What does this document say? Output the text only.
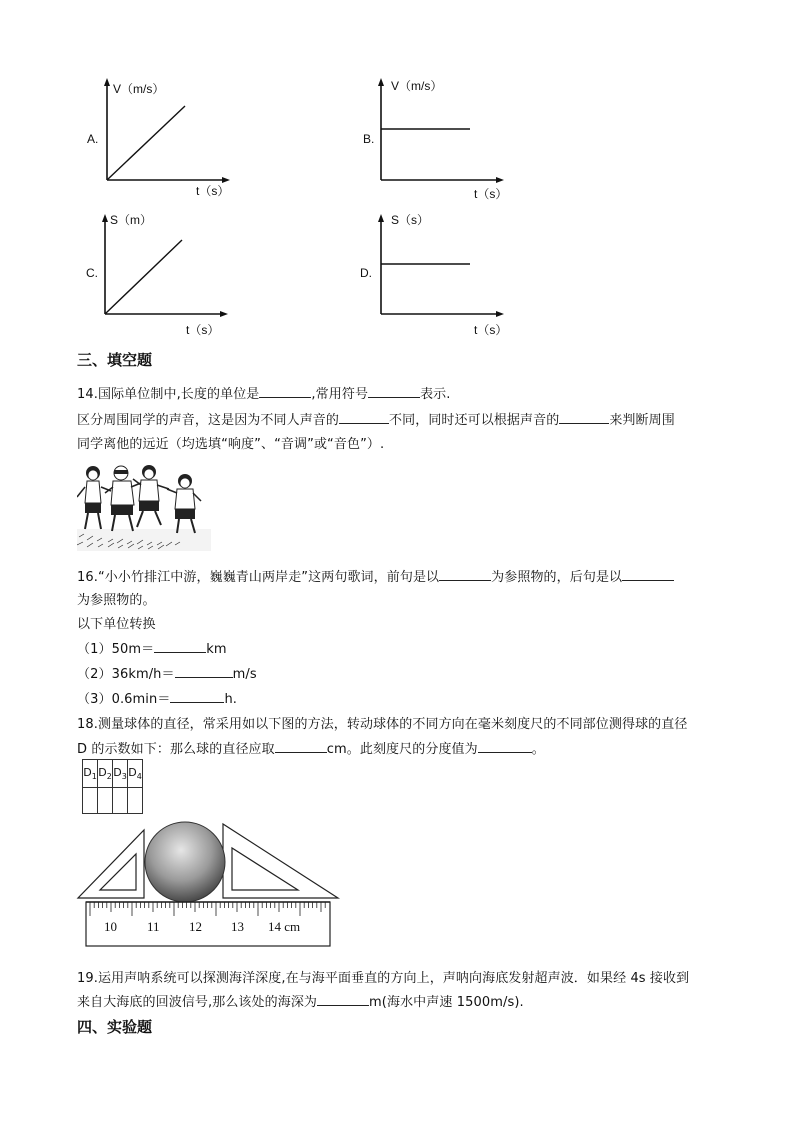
V（m/s）
A.
t（s）
V（m/s）
B.
t（s）
S（m）
C.
t（s）
S（s）
D.
t（s）
三、填空题
14.国际单位制中,长度的单位是	,常用符号	表示.
区分周围同学的声音，这是因为不同人声音的	不同，同时还可以根据声音的	来判断周围
同学离他的远近（均选填“响度”、“音调”或“音色”）.
16.“小小竹排江中游，巍巍青山两岸走”这两句歌词，前句是以	为参照物的，后句是以
为参照物的。
以下单位转换
（1）50m＝	km
（2）36km/h＝	m/s
（3）0.6min＝	h.
18.测量球体的直径，常采用如以下图的方法，转动球体的不同方向在毫米刻度尺的不同部位测得球的直径
D 的示数如下：那么球的直径应取	cm。此刻度尺的分度值为	。
$D_1$	$D_2$	$D_3$	$D_4$

10 11 12 13 14 cm
19.运用声呐系统可以探测海洋深度,在与海平面垂直的方向上，声呐向海底发射超声波．如果经 4s 接收到
来自大海底的回波信号,那么该处的海深为	m(海水中声速 1500m/s).
四、实验题
